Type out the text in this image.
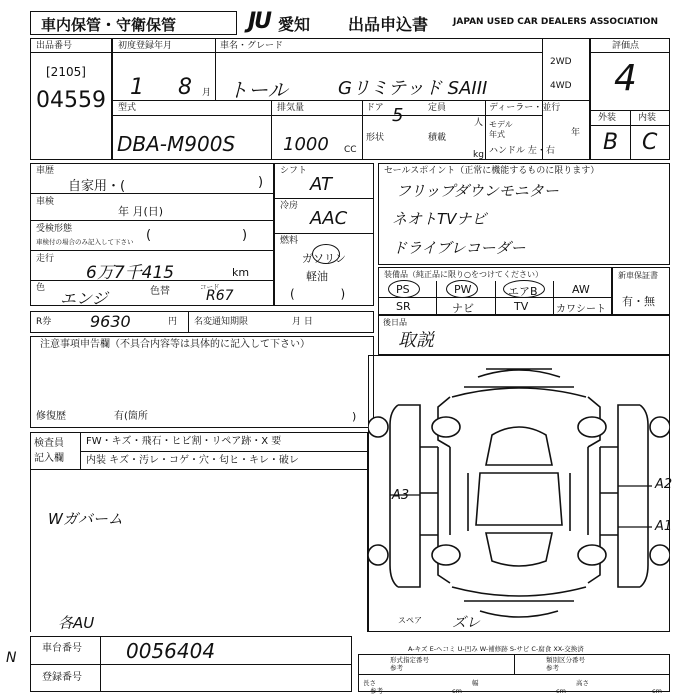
車内保管・守衛保管	JU 愛知 出品申込書	JAPAN USED CAR DEALERS ASSOCIATION
出品番号
[2105]
04559
初度登録年月
1 8 月
車名・グレード
トール	Gリミテッド SAIII
2WD
4WD
型式
DBA-M900S
排気量
1000 CC
ドア 5	定員
人
形状	積載
kg
ディーラー・並行
モデル
年式	年
ハンドル 左・右
評価点
4
外装 内装
B C
車歴
自家用・(	)
車検
年 月(日)
受検形態
車検付の場合のみ記入して下さい (                      )
走行
6万7千415	km
色
エンジ	色替	コード
R67
シフト
AT
冷房
AAC
燃料
ガソリン
軽油
(            )
R券 9630	円 名変通知期限	月 日
セールスポイント（正常に機能するものに限ります）
フリップダウンモニター
ネオトTVナビ
ドライブレコーダー
装備品（純正品に限り○をつけてください）
PS	PW	エアB	AW
SR	ナビ	TV	カワシート
新車保証書
有・無
後日品
取説
注意事項申告欄（不具合内容等は具体的に記入して下さい）
修復歴	有(箇所	)
検査員
記入欄
FW・キズ・飛石・ヒビ割・リペア跡・X 要
内装 キズ・汚レ・コゲ・穴・匂ヒ・キレ・破レ
Wガバーム
各AU
N
A3
A2
A1
スペア ズレ
A-キズ E-ヘコミ U-凹み W-補修跡 S-サビ C-腐食 XX-交換済
車台番号 0056404
登録番号
形式指定番号
参考
類別区分番号
参考
長さ
参考	cm
幅
cm
高さ
cm
